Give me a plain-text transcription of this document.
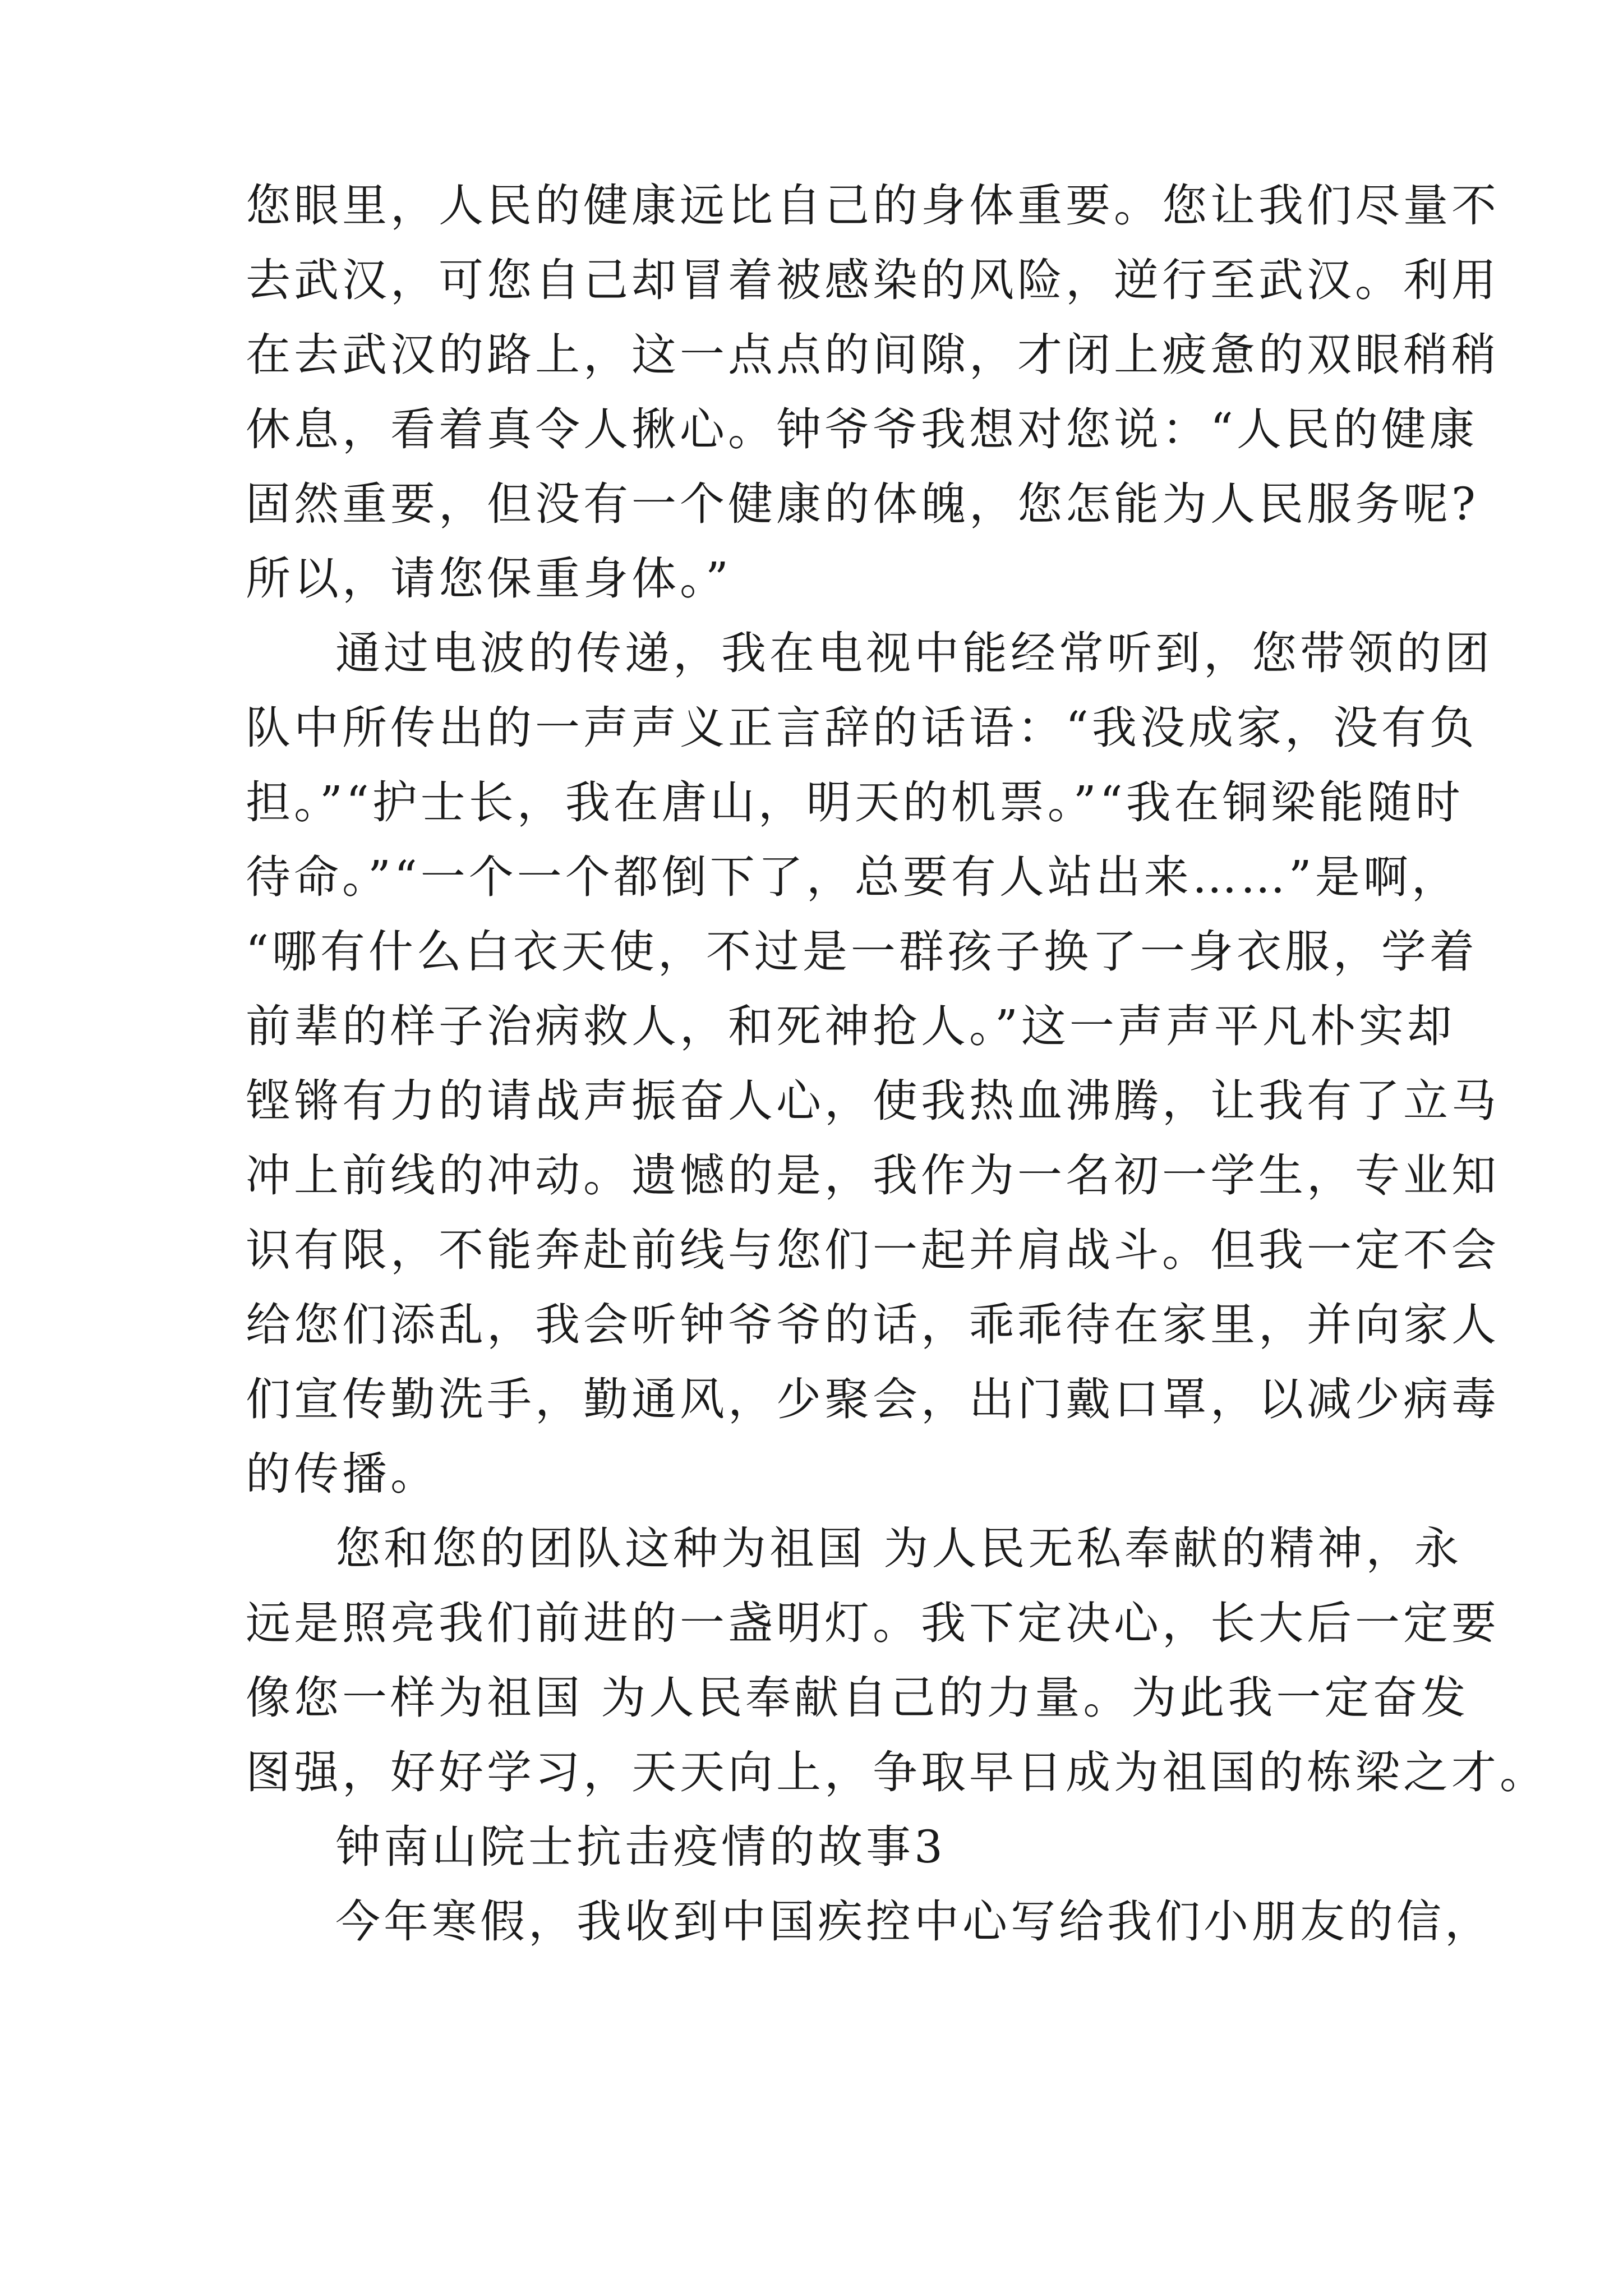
您眼里，人民的健康远比自己的身体重要。您让我们尽量不
去武汉，可您自己却冒着被感染的风险，逆行至武汉。利用
在去武汉的路上，这一点点的间隙，才闭上疲惫的双眼稍稍
休息，看着真令人揪心。钟爷爷我想对您说：“人民的健康
固然重要，但没有一个健康的体魄，您怎能为人民服务呢?
所以，请您保重身体。”
通过电波的传递，我在电视中能经常听到，您带领的团
队中所传出的一声声义正言辞的话语：“我没成家，没有负
担。”“护士长，我在唐山，明天的机票。”“我在铜梁能随时
待命。”“一个一个都倒下了，总要有人站出来……”是啊，
“哪有什么白衣天使，不过是一群孩子换了一身衣服，学着
前辈的样子治病救人，和死神抢人。”这一声声平凡朴实却
铿锵有力的请战声振奋人心，使我热血沸腾，让我有了立马
冲上前线的冲动。遗憾的是，我作为一名初一学生，专业知
识有限，不能奔赴前线与您们一起并肩战斗。但我一定不会
给您们添乱，我会听钟爷爷的话，乖乖待在家里，并向家人
们宣传勤洗手，勤通风，少聚会，出门戴口罩，以减少病毒
的传播。
您和您的团队这种为祖国 为人民无私奉献的精神，永
远是照亮我们前进的一盏明灯。我下定决心，长大后一定要
像您一样为祖国 为人民奉献自己的力量。为此我一定奋发
图强，好好学习，天天向上，争取早日成为祖国的栋梁之才。
钟南山院士抗击疫情的故事3
今年寒假，我收到中国疾控中心写给我们小朋友的信，
